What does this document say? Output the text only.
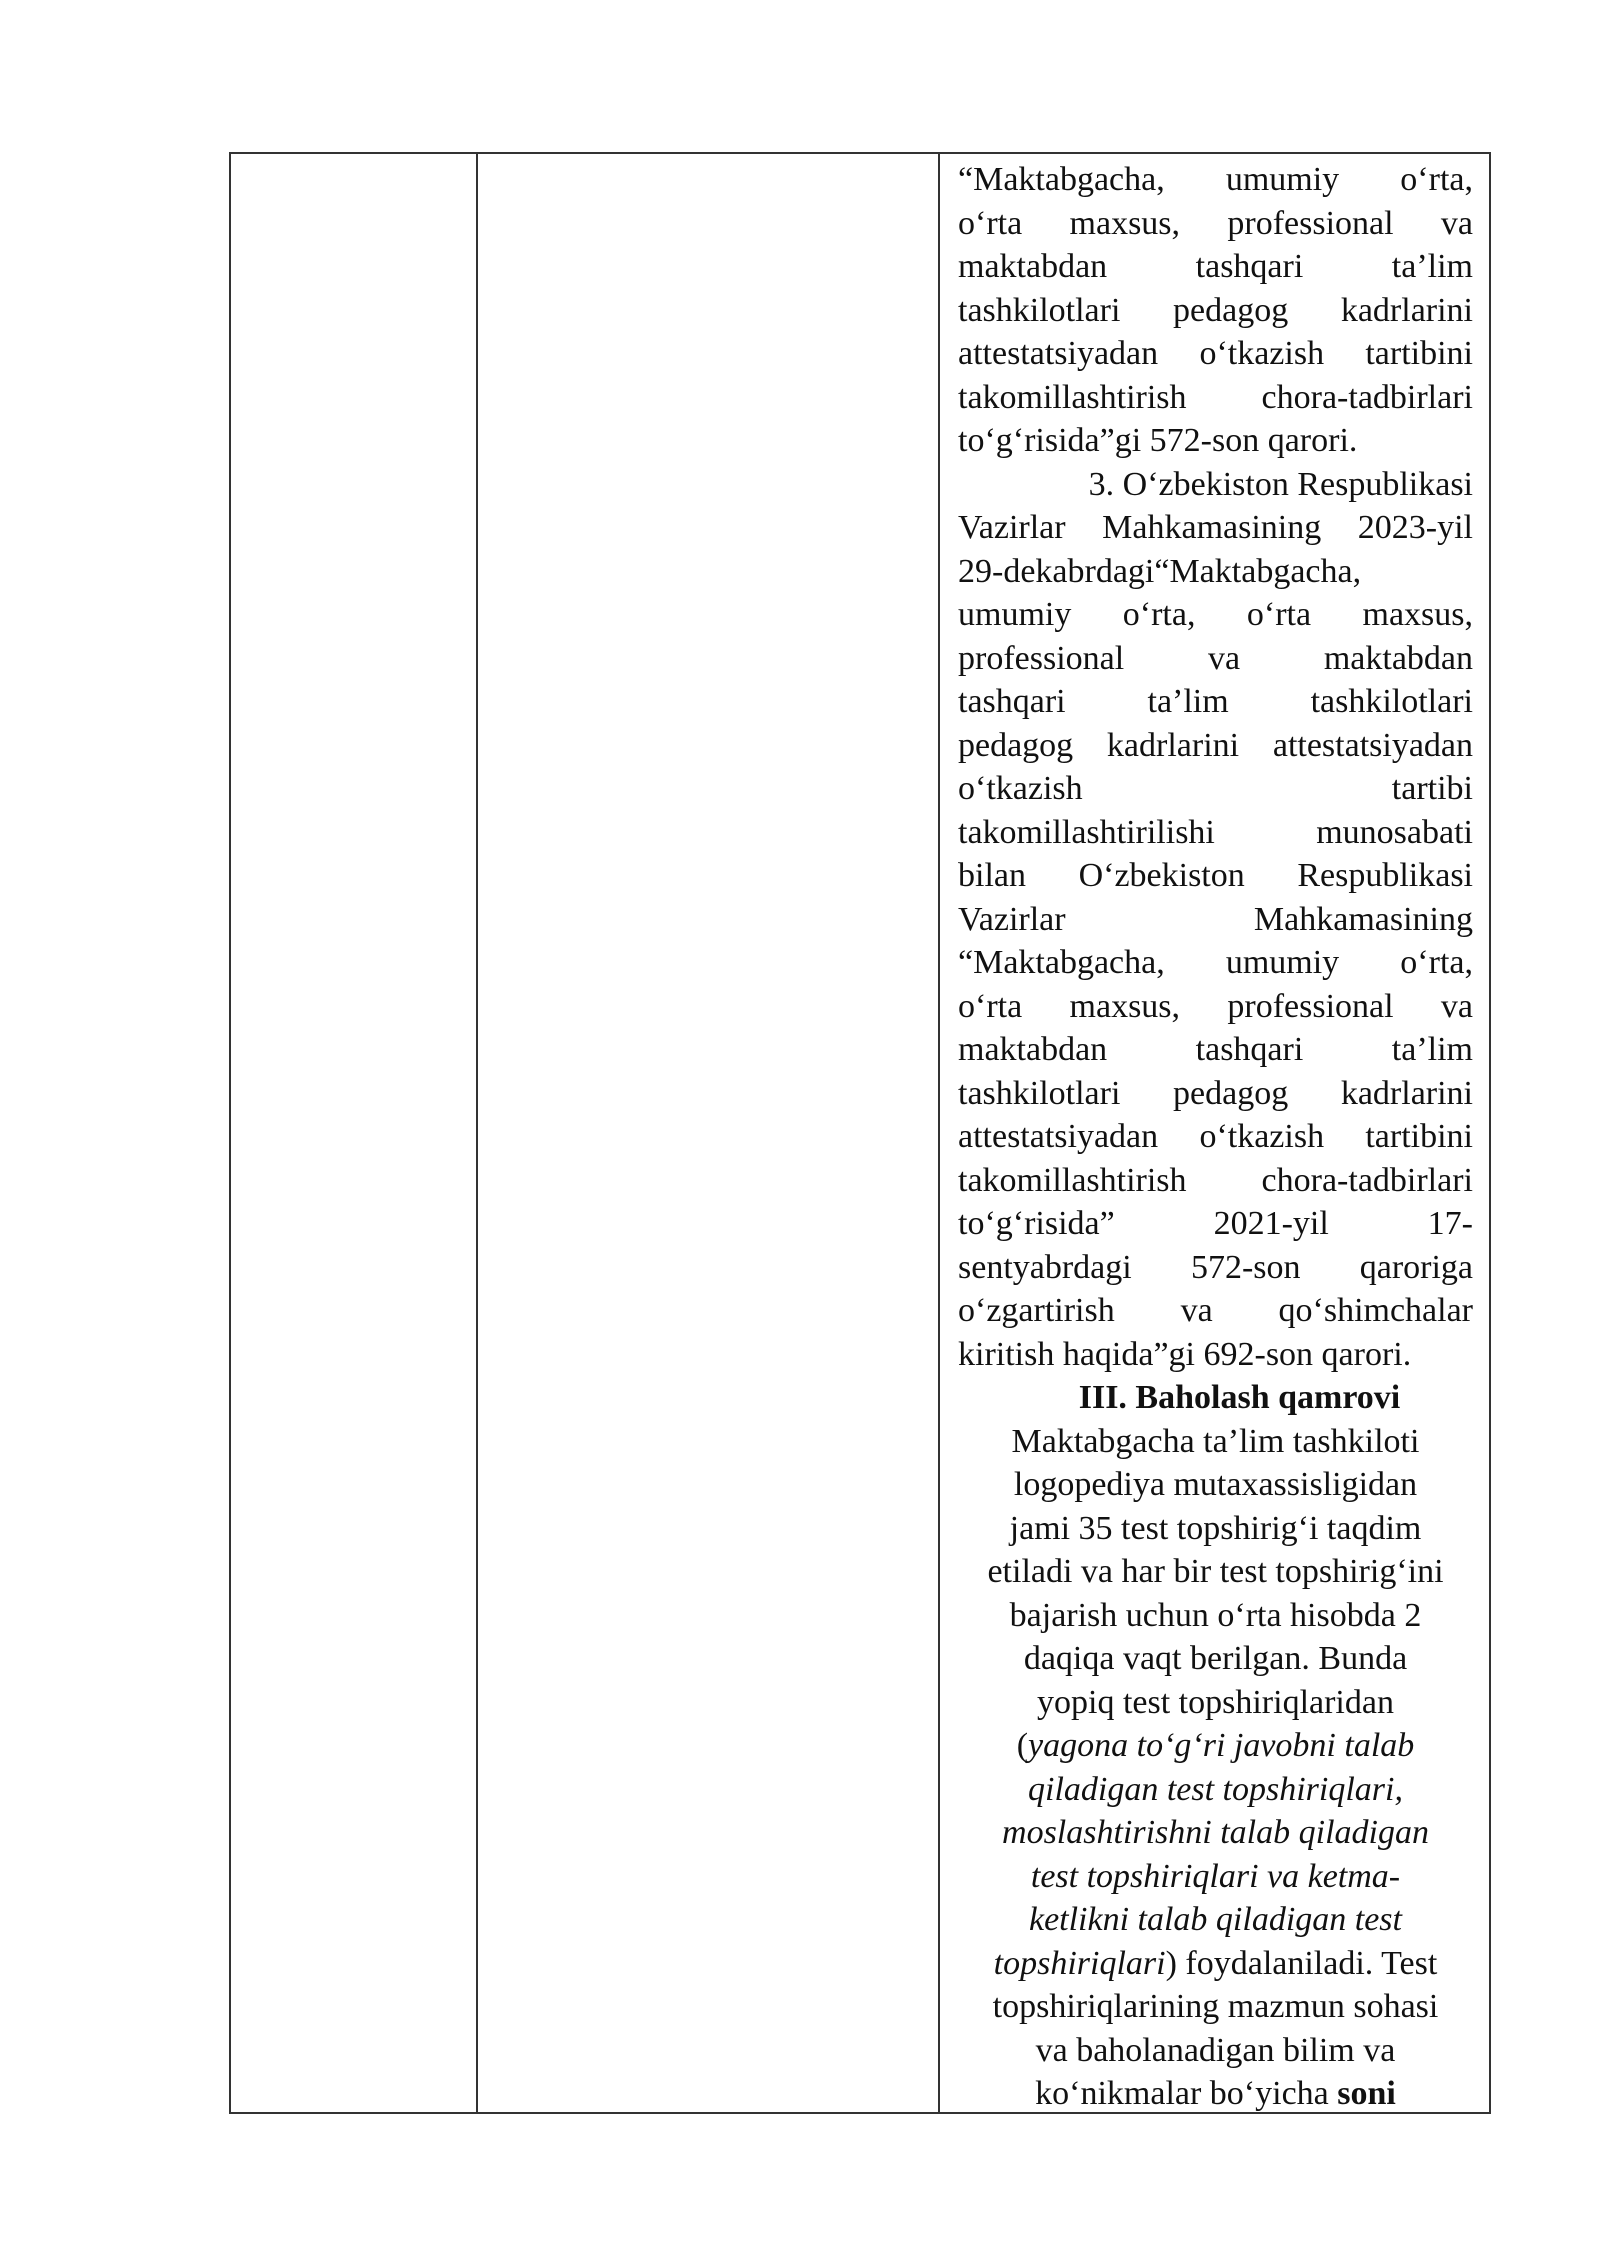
“Maktabgacha, umumiy o‘rta,
o‘rta maxsus, professional va
maktabdan tashqari ta’lim
tashkilotlari pedagog kadrlarini
attestatsiyadan o‘tkazish tartibini
takomillashtirish chora-tadbirlari
to‘g‘risida”gi 572-son qarori.
3. O‘zbekiston Respublikasi
Vazirlar Mahkamasining 2023-yil
29-dekabrdagi“Maktabgacha,
umumiy o‘rta, o‘rta maxsus,
professional va maktabdan
tashqari ta’lim tashkilotlari
pedagog kadrlarini attestatsiyadan
o‘tkazish tartibi
takomillashtirilishi munosabati
bilan O‘zbekiston Respublikasi
Vazirlar Mahkamasining
“Maktabgacha, umumiy o‘rta,
o‘rta maxsus, professional va
maktabdan tashqari ta’lim
tashkilotlari pedagog kadrlarini
attestatsiyadan o‘tkazish tartibini
takomillashtirish chora-tadbirlari
to‘g‘risida” 2021-yil 17-
sentyabrdagi 572-son qaroriga
o‘zgartirish va qo‘shimchalar
kiritish haqida”gi 692-son qarori.
III. Baholash qamrovi
Maktabgacha ta’lim tashkiloti
logopediya mutaxassisligidan
jami 35 test topshirig‘i taqdim
etiladi va har bir test topshirig‘ini
bajarish uchun o‘rta hisobda 2
daqiqa vaqt berilgan. Bunda
yopiq test topshiriqlaridan
(yagona to‘g‘ri javobni talab
qiladigan test topshiriqlari,
moslashtirishni talab qiladigan
test topshiriqlari va ketma-
ketlikni talab qiladigan test
topshiriqlari) foydalaniladi. Test
topshiriqlarining mazmun sohasi
va baholanadigan bilim va
ko‘nikmalar bo‘yicha soni
